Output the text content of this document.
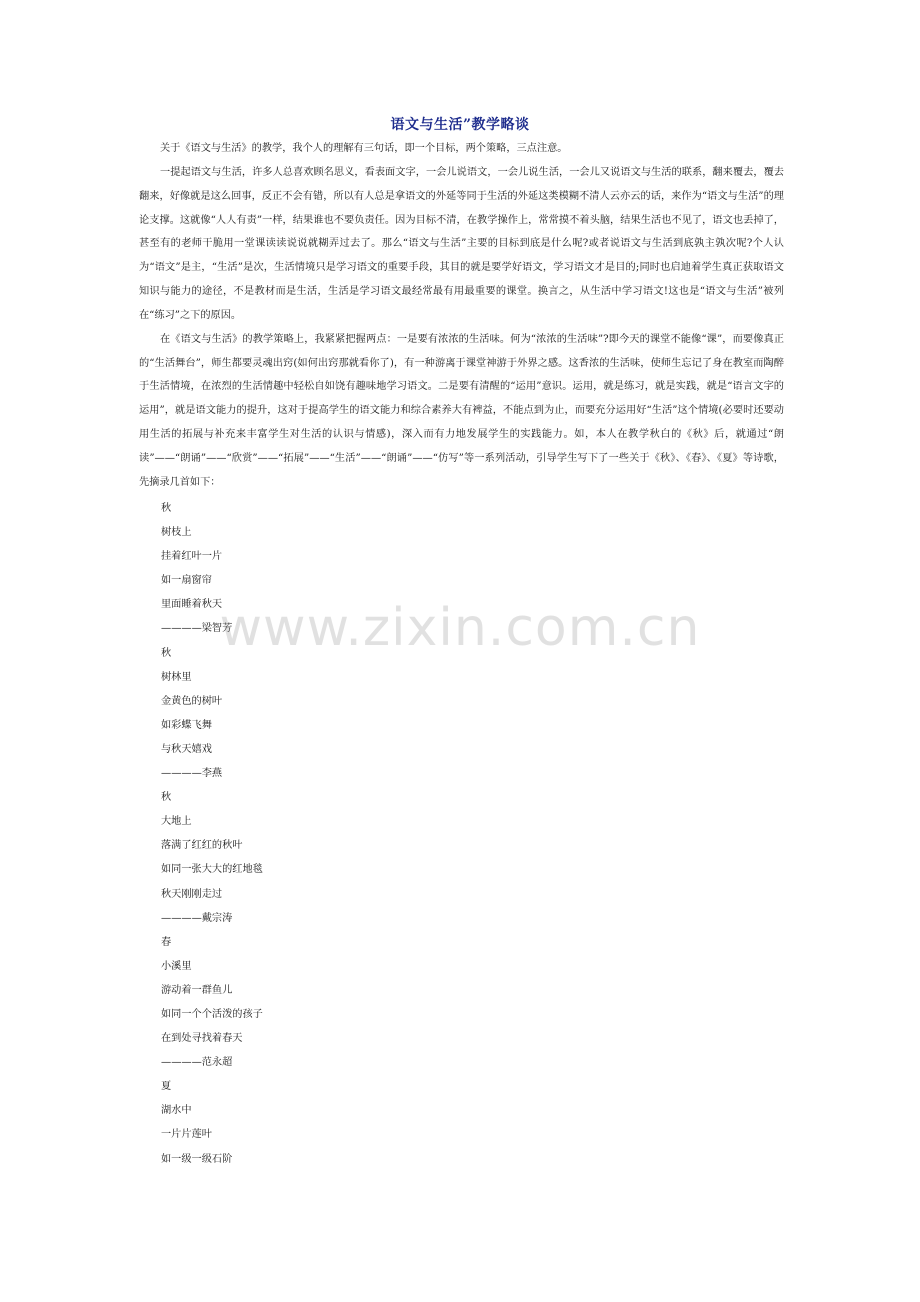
语文与生活”教学略谈

关于《语文与生活》的教学，我个人的理解有三句话，即一个目标，两个策略，三点注意。

一提起语文与生活，许多人总喜欢顾名思义，看表面文字，一会儿说语文，一会儿说生活，一会儿又说语文与生活的联系，翻来覆去，覆去翻来，好像就是这么回事，反正不会有错，所以有人总是拿语文的外延等同于生活的外延这类模糊不清人云亦云的话，来作为“语文与生活”的理论支撑。这就像“人人有责”一样，结果谁也不要负责任。因为目标不清，在教学操作上，常常摸不着头脑，结果生活也不见了，语文也丢掉了，甚至有的老师干脆用一堂课读读说说就糊弄过去了。那么“语文与生活”主要的目标到底是什么呢?或者说语文与生活到底孰主孰次呢?个人认为“语文”是主，“生活”是次，生活情境只是学习语文的重要手段，其目的就是要学好语文，学习语文才是目的;同时也启迪着学生真正获取语文知识与能力的途径，不是教材而是生活，生活是学习语文最经常最有用最重要的课堂。换言之，从生活中学习语文!这也是“语文与生活”被列在“练习”之下的原因。

在《语文与生活》的教学策略上，我紧紧把握两点：一是要有浓浓的生活味。何为“浓浓的生活味”?即今天的课堂不能像“课”，而要像真正的“生活舞台”，师生都要灵魂出窍(如何出窍那就看你了)，有一种游离于课堂神游于外界之感。这香浓的生活味，使师生忘记了身在教室而陶醉于生活情境，在浓烈的生活情趣中轻松自如饶有趣味地学习语文。二是要有清醒的“运用”意识。运用，就是练习，就是实践，就是“语言文字的运用”，就是语文能力的提升，这对于提高学生的语文能力和综合素养大有裨益，不能点到为止，而要充分运用好“生活”这个情境(必要时还要动用生活的拓展与补充来丰富学生对生活的认识与情感)，深入而有力地发展学生的实践能力。如，本人在教学秋白的《秋》后，就通过“朗读”——“朗诵”——“欣赏”——“拓展”——“生活”——“朗诵”——“仿写”等一系列活动，引导学生写下了一些关于《秋》、《春》、《夏》等诗歌，先摘录几首如下：

秋
树枝上
挂着红叶一片
如一扇窗帘
里面睡着秋天
————梁智芳
秋
树林里
金黄色的树叶
如彩蝶飞舞
与秋天嬉戏
————李燕
秋
大地上
落满了红红的秋叶
如同一张大大的红地毯
秋天刚刚走过
————戴宗涛
春
小溪里
游动着一群鱼儿
如同一个个活泼的孩子
在到处寻找着春天
————范永超
夏
湖水中
一片片莲叶
如一级一级石阶
www.zixin.com.cn
